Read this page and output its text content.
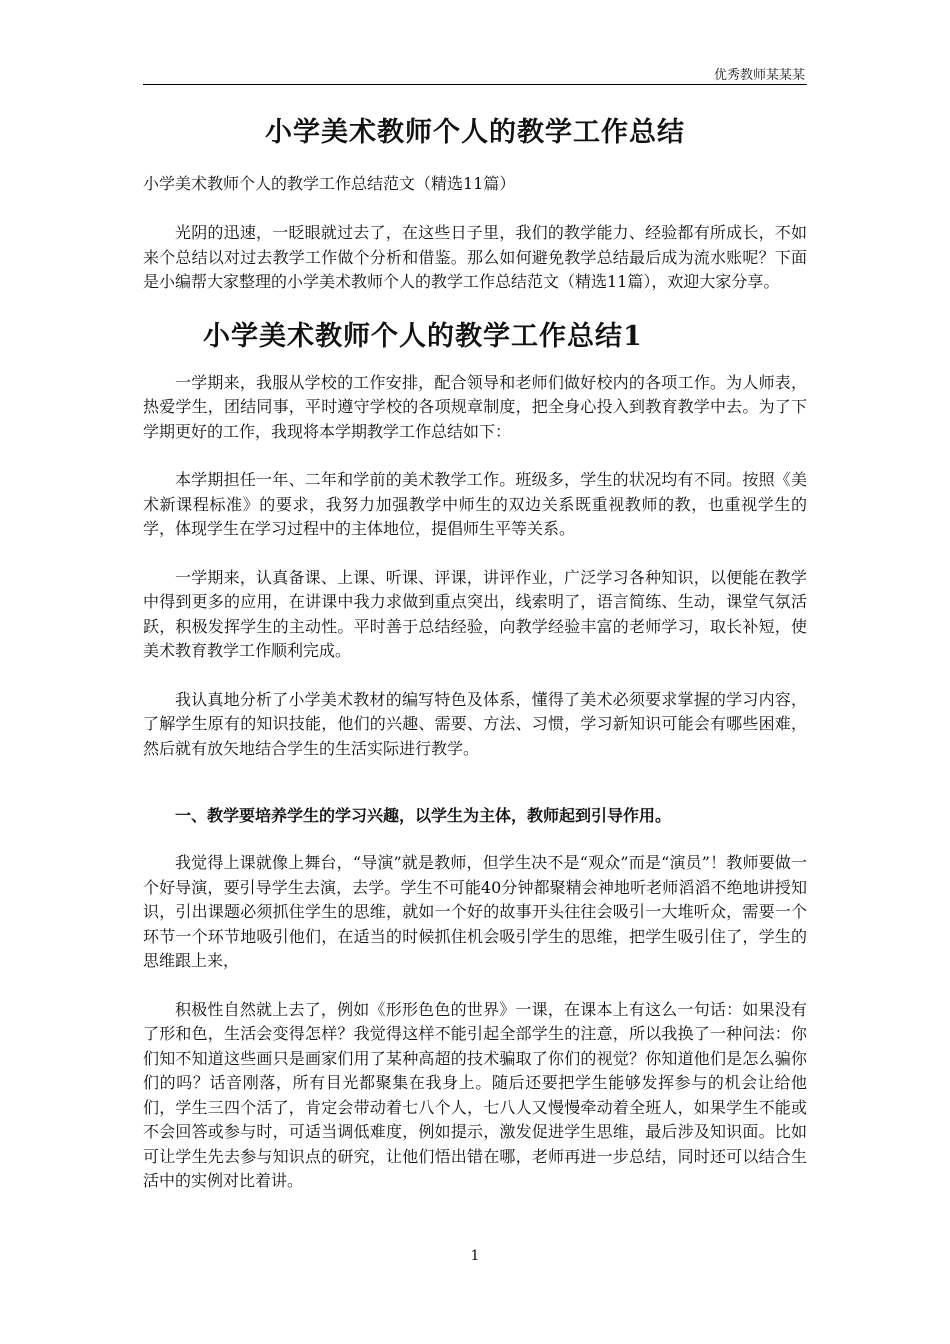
优秀教师某某某
小学美术教师个人的教学工作总结
小学美术教师个人的教学工作总结范文（精选11篇）

光阴的迅速，一眨眼就过去了，在这些日子里，我们的教学能力、经验都有所成长，不如来个总结以对过去教学工作做个分析和借鉴。那么如何避免教学总结最后成为流水账呢？下面是小编帮大家整理的小学美术教师个人的教学工作总结范文（精选11篇），欢迎大家分享。

小学美术教师个人的教学工作总结1

一学期来，我服从学校的工作安排，配合领导和老师们做好校内的各项工作。为人师表，热爱学生，团结同事，平时遵守学校的各项规章制度，把全身心投入到教育教学中去。为了下学期更好的工作，我现将本学期教学工作总结如下：

本学期担任一年、二年和学前的美术教学工作。班级多，学生的状况均有不同。按照《美术新课程标准》的要求，我努力加强教学中师生的双边关系既重视教师的教，也重视学生的学，体现学生在学习过程中的主体地位，提倡师生平等关系。

一学期来，认真备课、上课、听课、评课，讲评作业，广泛学习各种知识，以便能在教学中得到更多的应用，在讲课中我力求做到重点突出，线索明了，语言简练、生动，课堂气氛活跃，积极发挥学生的主动性。平时善于总结经验，向教学经验丰富的老师学习，取长补短，使美术教育教学工作顺利完成。

我认真地分析了小学美术教材的编写特色及体系，懂得了美术必须要求掌握的学习内容，了解学生原有的知识技能，他们的兴趣、需要、方法、习惯，学习新知识可能会有哪些困难，然后就有放矢地结合学生的生活实际进行教学。

一、教学要培养学生的学习兴趣，以学生为主体，教师起到引导作用。

我觉得上课就像上舞台，“导演”就是教师，但学生决不是“观众”而是“演员”！教师要做一个好导演，要引导学生去演，去学。学生不可能40分钟都聚精会神地听老师滔滔不绝地讲授知识，引出课题必须抓住学生的思维，就如一个好的故事开头往往会吸引一大堆听众，需要一个环节一个环节地吸引他们，在适当的时候抓住机会吸引学生的思维，把学生吸引住了，学生的思维跟上来，

积极性自然就上去了，例如《形形色色的世界》一课，在课本上有这么一句话：如果没有了形和色，生活会变得怎样？我觉得这样不能引起全部学生的注意，所以我换了一种问法：你们知不知道这些画只是画家们用了某种高超的技术骗取了你们的视觉？你知道他们是怎么骗你们的吗？话音刚落，所有目光都聚集在我身上。随后还要把学生能够发挥参与的机会让给他们，学生三四个活了，肯定会带动着七八个人，七八人又慢慢牵动着全班人，如果学生不能或不会回答或参与时，可适当调低难度，例如提示，激发促进学生思维，最后涉及知识面。比如可让学生先去参与知识点的研究，让他们悟出错在哪，老师再进一步总结，同时还可以结合生活中的实例对比着讲。

1
